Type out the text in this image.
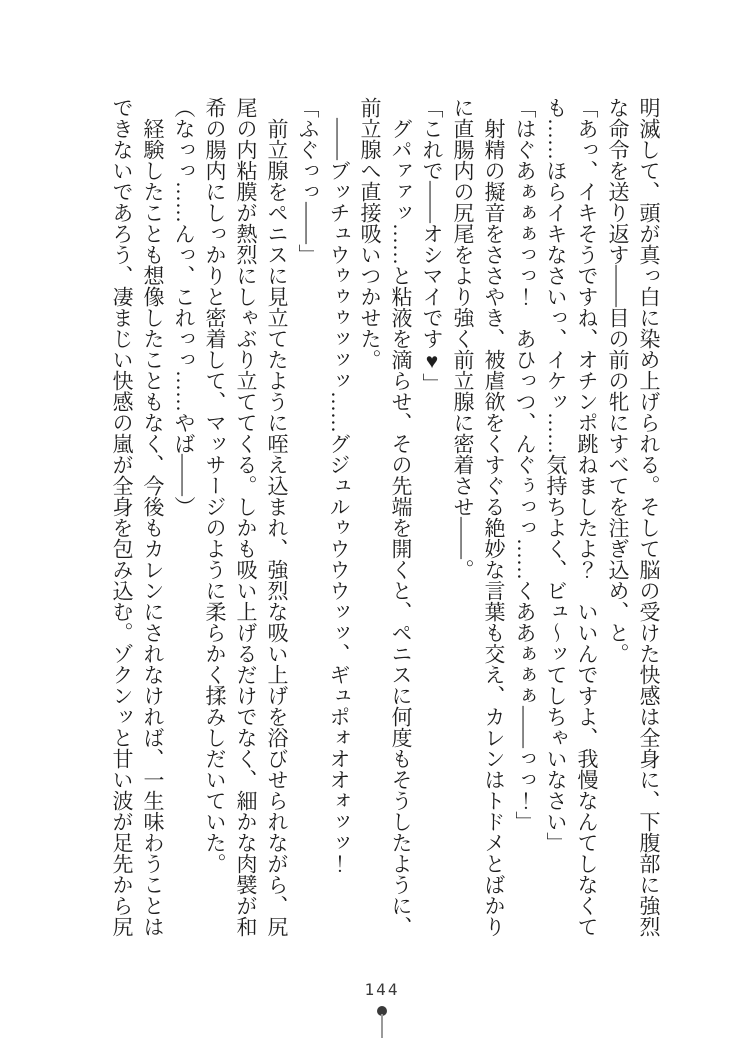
明滅して、頭が真っ白に染め上げられる。そして脳の受けた快感は全身に、下腹部に強烈

な命令を送り返す——目の前の牝にすべてを注ぎ込め、と。

「あっ、イキそうですね、オチンポ跳ねましたよ？　いいんですよ、我慢なんてしなくて

も……ほらイキなさいっ、イケッ……気持ちよく、ビュ〜ッてしちゃいなさい」

「はぐあぁぁぁっっ！　あひっつ、んぐぅっっ……くああぁぁぁ——っっ！」

射精の擬音をささやき、被虐欲をくすぐる絶妙な言葉も交え、カレンはトドメとばかり

に直腸内の尻尾をより強く前立腺に密着させ——。

「これで——オシマイです♥」

グパァァッ……と粘液を滴らせ、その先端を開くと、ペニスに何度もそうしたように、

前立腺へ直接吸いつかせた。

——ブッチュウゥゥゥッッッ……グジュルゥウウウッッ、ギュポォオオォッッ！

「ふぐっっ——」

前立腺をペニスに見立てたように咥え込まれ、強烈な吸い上げを浴びせられながら、尻

尾の内粘膜が熱烈にしゃぶり立ててくる。しかも吸い上げるだけでなく、細かな肉襞が和

希の腸内にしっかりと密着して、マッサージのように柔らかく揉みしだいていた。

（なっっ……んっ、これっっ……やば——）

経験したことも想像したこともなく、今後もカレンにされなければ、一生味わうことは

できないであろう、凄まじい快感の嵐が全身を包み込む。ゾクンッと甘い波が足先から尻

144
